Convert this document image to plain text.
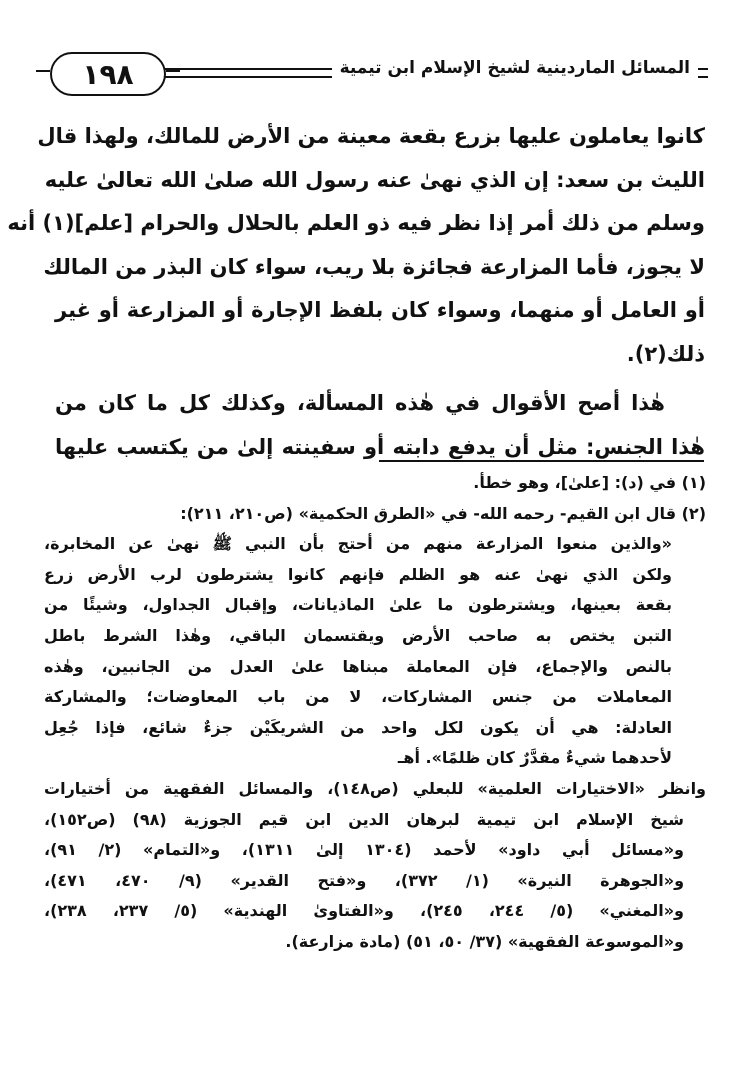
١٩٨	المسائل الماردينية لشيخ الإسلام ابن تيمية
كانوا يعاملون عليها بزرع بقعة معينة من الأرض للمالك، ولهذا قال
الليث بن سعد: إن الذي نهىٰ عنه رسول الله صلىٰ الله تعالىٰ عليه
وسلم من ذلك أمر إذا نظر فيه ذو العلم بالحلال والحرام [علم](١) أنه
لا يجوز، فأما المزارعة فجائزة بلا ريب، سواء كان البذر من المالك
أو العامل أو منهما، وسواء كان بلفظ الإجارة أو المزارعة أو غير
ذلك(٢).
هٰذا أصح الأقوال في هٰذه المسألة، وكذلك كل ما كان من
هٰذا الجنس: مثل أن يدفع دابته أو سفينته إلىٰ من يكتسب عليها
(١) في (د): [علىٰ]، وهو خطأ.
(٢) قال ابن القيم- رحمه الله- في «الطرق الحكمية» (ص٢١٠، ٢١١):
«والذين منعوا المزارعة منهم من أحتج بأن النبي ﷺ نهىٰ عن المخابرة،
ولكن الذي نهىٰ عنه هو الظلم فإنهم كانوا يشترطون لرب الأرض زرع
بقعة بعينها، ويشترطون ما علىٰ الماذيانات، وإقبال الجداول، وشيئًا من
التبن يختص به صاحب الأرض ويقتسمان الباقي، وهٰذا الشرط باطل
بالنص والإجماع، فإن المعاملة مبناها علىٰ العدل من الجانبين، وهٰذه
المعاملات من جنس المشاركات، لا من باب المعاوضات؛ والمشاركة
العادلة: هي أن يكون لكل واحد من الشريكَيْن جزءٌ شائع، فإذا جُعِل
لأحدهما شيءٌ مقدَّرٌ كان ظلمًا». أهـ
وانظر «الاختيارات العلمية» للبعلي (ص١٤٨)، والمسائل الفقهية من أختيارات
شيخ الإسلام ابن تيمية لبرهان الدين ابن قيم الجوزية (٩٨) (ص١٥٢)،
و«مسائل أبي داود» لأحمد (١٣٠٤ إلىٰ ١٣١١)، و«التمام» (٢/ ٩١)،
و«الجوهرة النيرة» (١/ ٣٧٢)، و«فتح القدير» (٩/ ٤٧٠، ٤٧١)،
و«المغني» (٥/ ٢٤٤، ٢٤٥)، و«الفتاوىٰ الهندية» (٥/ ٢٣٧، ٢٣٨)،
و«الموسوعة الفقهية» (٣٧/ ٥٠، ٥١) (مادة مزارعة).
